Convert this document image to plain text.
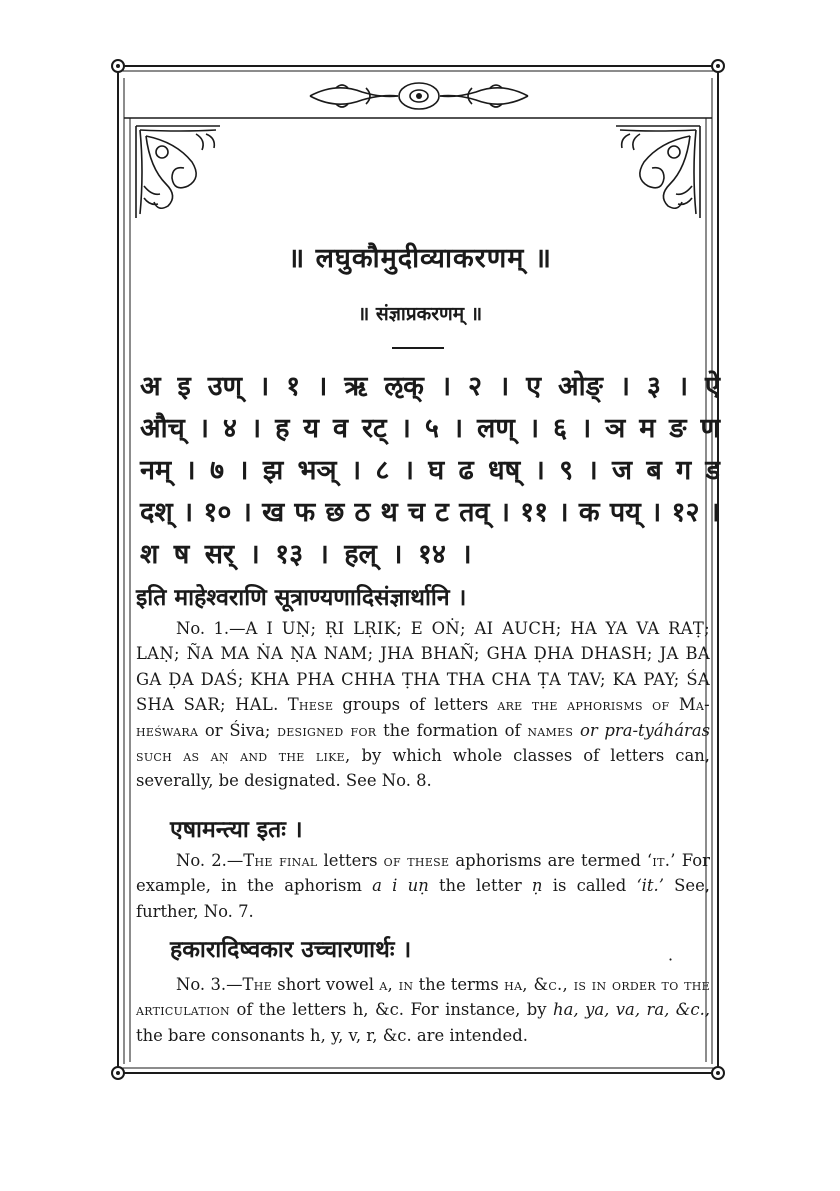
॥ लघुकौमुदीव्याकरणम् ॥
॥ संज्ञाप्रकरणम् ॥
अ इ उण् । १ । ऋ ऌक् । २ । ए ओङ् । ३ । ऐ
औच् । ४ । ह य व रट् । ५ । लण् । ६ । ञ म ङ ण
नम् । ७ । झ भञ् । ८ । घ ढ धष् । ९ । ज ब ग ड
दश् । १० । ख फ छ ठ थ च ट तव् । ११ । क पय् । १२ ।
श ष सर् । १३ । हल् । १४ ।
इति माहेश्वराणि सूत्राण्यणादिसंज्ञार्थानि ।

No. 1.—A I UṆ; ṚI LṚIK; E OṄ; AI AUCH; HA YA VA RAṬ; LAṆ; ÑA MA ṄA ṆA NAM; JHA BHAÑ; GHA ḌHA DHASH; JA BA GA ḌA DAŚ; KHA PHA CHHA ṬHA THA CHA ṬA TAV; KA PAY; ŚA SHA SAR; HAL. These groups of letters are the aphorisms of Ma-heśwara or Śiva; designed for the formation of names or pra-tyáháras such as aṇ and the like, by which whole classes of letters can, severally, be designated. See No. 8.

एषामन्त्या इतः ।

No. 2.—The final letters of these aphorisms are termed ‘it.’ For example, in the aphorism a i uṇ the letter ṇ is called ‘it.’ See, further, No. 7.

हकारादिष्वकार उच्चारणार्थः ।	·

No. 3.—The short vowel a, in the terms ha, &c., is in order to the articulation of the letters h, &c. For instance, by ha, ya, va, ra, &c., the bare consonants h, y, v, r, &c. are intended.
